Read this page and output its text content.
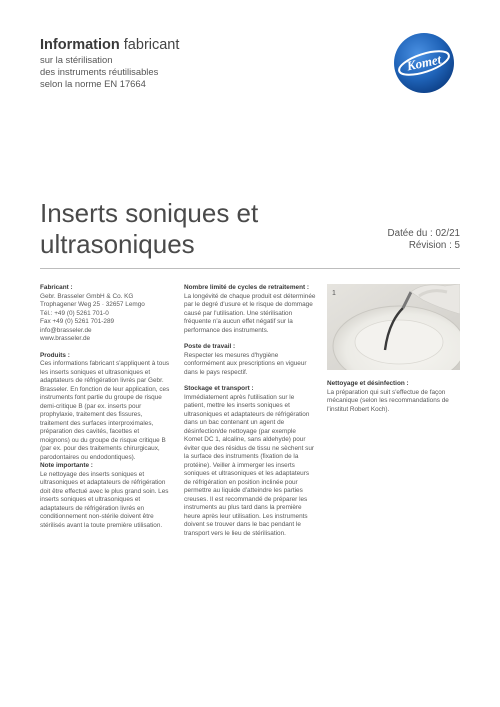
Information fabricant
sur la stérilisation
des instruments réutilisables
selon la norme EN 17664
Komet
Inserts soniques et
ultrasoniques	Datée du : 02/21
Révision : 5

Fabricant :

Gebr. Brasseler GmbH & Co. KG

Trophagener Weg 25 · 32657 Lemgo

Tél.: +49 (0) 5261 701-0

Fax +49 (0) 5261 701-289

info@brasseler.de

www.brasseler.de

Produits :

Ces informations fabricant s'appliquent à tous les inserts soniques et ultrasoniques et adaptateurs de réfrigération livrés par Gebr. Brasseler. En fonction de leur application, ces instruments font partie du groupe de risque demi-critique B (par ex. inserts pour prophylaxie, traitement des fissures, traitement des surfaces interproximales, préparation des cavités, facettes et moignons) ou du groupe de risque critique B (par ex. pour des traitements chirurgicaux, parodontaires ou endodontiques).

Note importante :

Le nettoyage des inserts soniques et ultrasoniques et adaptateurs de réfrigération doit être effectué avec le plus grand soin. Les inserts soniques et ultrasoniques et adaptateurs de réfrigération livrés en conditionnement non-stérile doivent être stérilisés avant la toute première utilisation.

Nombre limité de cycles de retraitement :

La longévité de chaque produit est déterminée par le degré d'usure et le risque de dommage causé par l'utilisation. Une stérilisation fréquente n'a aucun effet négatif sur la performance des instruments.

Poste de travail :

Respecter les mesures d'hygiène conformément aux prescriptions en vigueur dans le pays respectif.

Stockage et transport :

Immédiatement après l'utilisation sur le patient, mettre les inserts soniques et ultrasoniques et adaptateurs de réfrigération dans un bac contenant un agent de désinfection/de nettoyage (par exemple Komet DC 1, alcaline, sans aldehyde) pour éviter que des résidus de tissu ne sèchent sur la surface des instruments (fixation de la protéine). Veiller à immerger les inserts soniques et ultrasoniques et les adaptateurs de réfrigération en position inclinée pour permettre au liquide d'atteindre les parties creuses. Il est recommandé de préparer les instruments au plus tard dans la première heure après leur utilisation. Les instruments doivent se trouver dans le bac pendant le transport vers le lieu de stérilisation.

1

Nettoyage et désinfection :

La préparation qui suit s'effectue de façon mécanique (selon les recommandations de l'institut Robert Koch).
